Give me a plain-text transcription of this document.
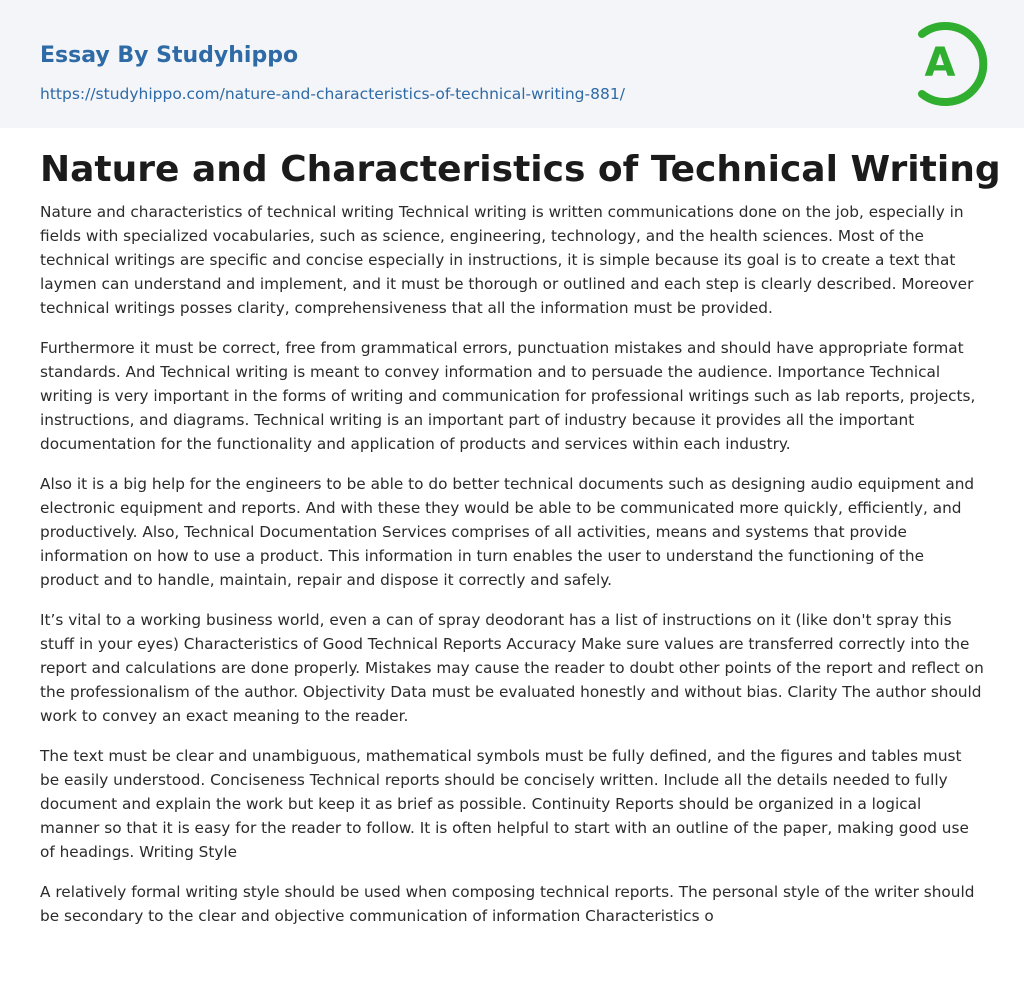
Essay By Studyhippo
https://studyhippo.com/nature-and-characteristics-of-technical-writing-881/
A
Nature and Characteristics of Technical Writing

Nature and characteristics of technical writing Technical writing is written communications done on the job, especially in fields with specialized vocabularies, such as science, engineering, technology, and the health sciences. Most of the technical writings are specific and concise especially in instructions, it is simple because its goal is to create a text that laymen can understand and implement, and it must be thorough or outlined and each step is clearly described. Moreover technical writings posses clarity, comprehensiveness that all the information must be provided.

Furthermore it must be correct, free from grammatical errors, punctuation mistakes and should have appropriate format standards. And Technical writing is meant to convey information and to persuade the audience. Importance Technical writing is very important in the forms of writing and communication for professional writings such as lab reports, projects, instructions, and diagrams. Technical writing is an important part of industry because it provides all the important documentation for the functionality and application of products and services within each industry.

Also it is a big help for the engineers to be able to do better technical documents such as designing audio equipment and electronic equipment and reports. And with these they would be able to be communicated more quickly, efficiently, and productively. Also, Technical Documentation Services comprises of all activities, means and systems that provide information on how to use a product. This information in turn enables the user to understand the functioning of the product and to handle, maintain, repair and dispose it correctly and safely.

It’s vital to a working business world, even a can of spray deodorant has a list of instructions on it (like don't spray this stuff in your eyes) Characteristics of Good Technical Reports Accuracy Make sure values are transferred correctly into the report and calculations are done properly. Mistakes may cause the reader to doubt other points of the report and reflect on the professionalism of the author. Objectivity Data must be evaluated honestly and without bias. Clarity The author should work to convey an exact meaning to the reader.

The text must be clear and unambiguous, mathematical symbols must be fully defined, and the figures and tables must be easily understood. Conciseness Technical reports should be concisely written. Include all the details needed to fully document and explain the work but keep it as brief as possible. Continuity Reports should be organized in a logical manner so that it is easy for the reader to follow. It is often helpful to start with an outline of the paper, making good use of headings. Writing Style

A relatively formal writing style should be used when composing technical reports. The personal style of the writer should be secondary to the clear and objective communication of information Characteristics o
